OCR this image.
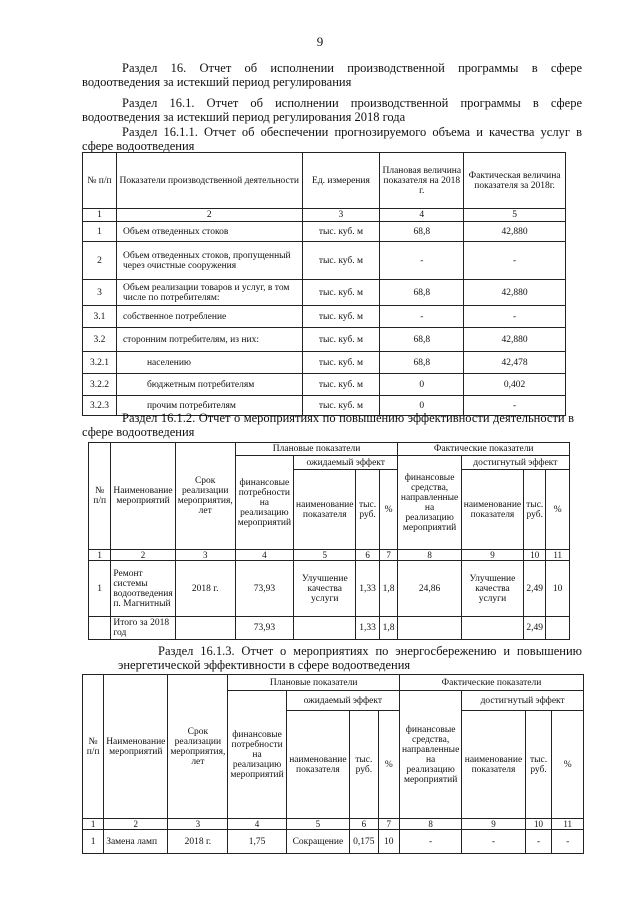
9

Раздел 16. Отчет об исполнении производственной программы в сфере водоотведения за истекший период регулирования

Раздел 16.1. Отчет об исполнении производственной программы в сфере водоотведения за истекший период регулирования 2018 года

Раздел 16.1.1. Отчет об обеспечении прогнозируемого объема и качества услуг в сфере водоотведения

№ п/п	Показатели производственной деятельности	Ед. измерения	Плановая величина показателя на 2018 г.	Фактическая величина показателя за 2018г.
1	2	3	4	5
1	Объем отведенных стоков	тыс. куб. м	68,8	42,880
2	Объем отведенных стоков, пропущенный через очистные сооружения	тыс. куб. м	-	-
3	Объем реализации товаров и услуг, в том числе по потребителям:	тыс. куб. м	68,8	42,880
3.1	собственное потребление	тыс. куб. м	-	-
3.2	сторонним потребителям, из них:	тыс. куб. м	68,8	42,880
3.2.1	населению	тыс. куб. м	68,8	42,478
3.2.2	бюджетным потребителям	тыс. куб. м	0	0,402
3.2.3	прочим потребителям	тыс. куб. м	0	-

Раздел 16.1.2. Отчет о мероприятиях по повышению эффективности деятельности в сфере водоотведения

№ п/п	Наименование мероприятий	Срок реализации мероприятия, лет	Плановые показатели				Фактические показатели			
			финансовые потребности на реализацию мероприятий	ожидаемый эффект			финансовые средства, направленные на реализацию мероприятий	достигнутый эффект		
				наименование показателя	тыс. руб.	%		наименование показателя	тыс. руб.	%
1	2	3	4	5	6	7	8	9	10	11
1	Ремонт системы водоотведения п. Магнитный	2018 г.	73,93	Улучшение качества услуги	1,33	1,8	24,86	Улучшение качества услуги	2,49	10
	Итого за 2018 год		73,93		1,33	1,8			2,49	

Раздел 16.1.3. Отчет о мероприятиях по энергосбережению и повышению энергетической эффективности в сфере водоотведения

№ п/п	Наименование мероприятий	Срок реализации мероприятия, лет	Плановые показатели				Фактические показатели			
			финансовые потребности на реализацию мероприятий	ожидаемый эффект			финансовые средства, направленные на реализацию мероприятий	достигнутый эффект		
				наименование показателя	тыс. руб.	%		наименование показателя	тыс. руб.	%
1	2	3	4	5	6	7	8	9	10	11
1	Замена ламп	2018 г.	1,75	Сокращение	0,175	10	-	-	-	-
